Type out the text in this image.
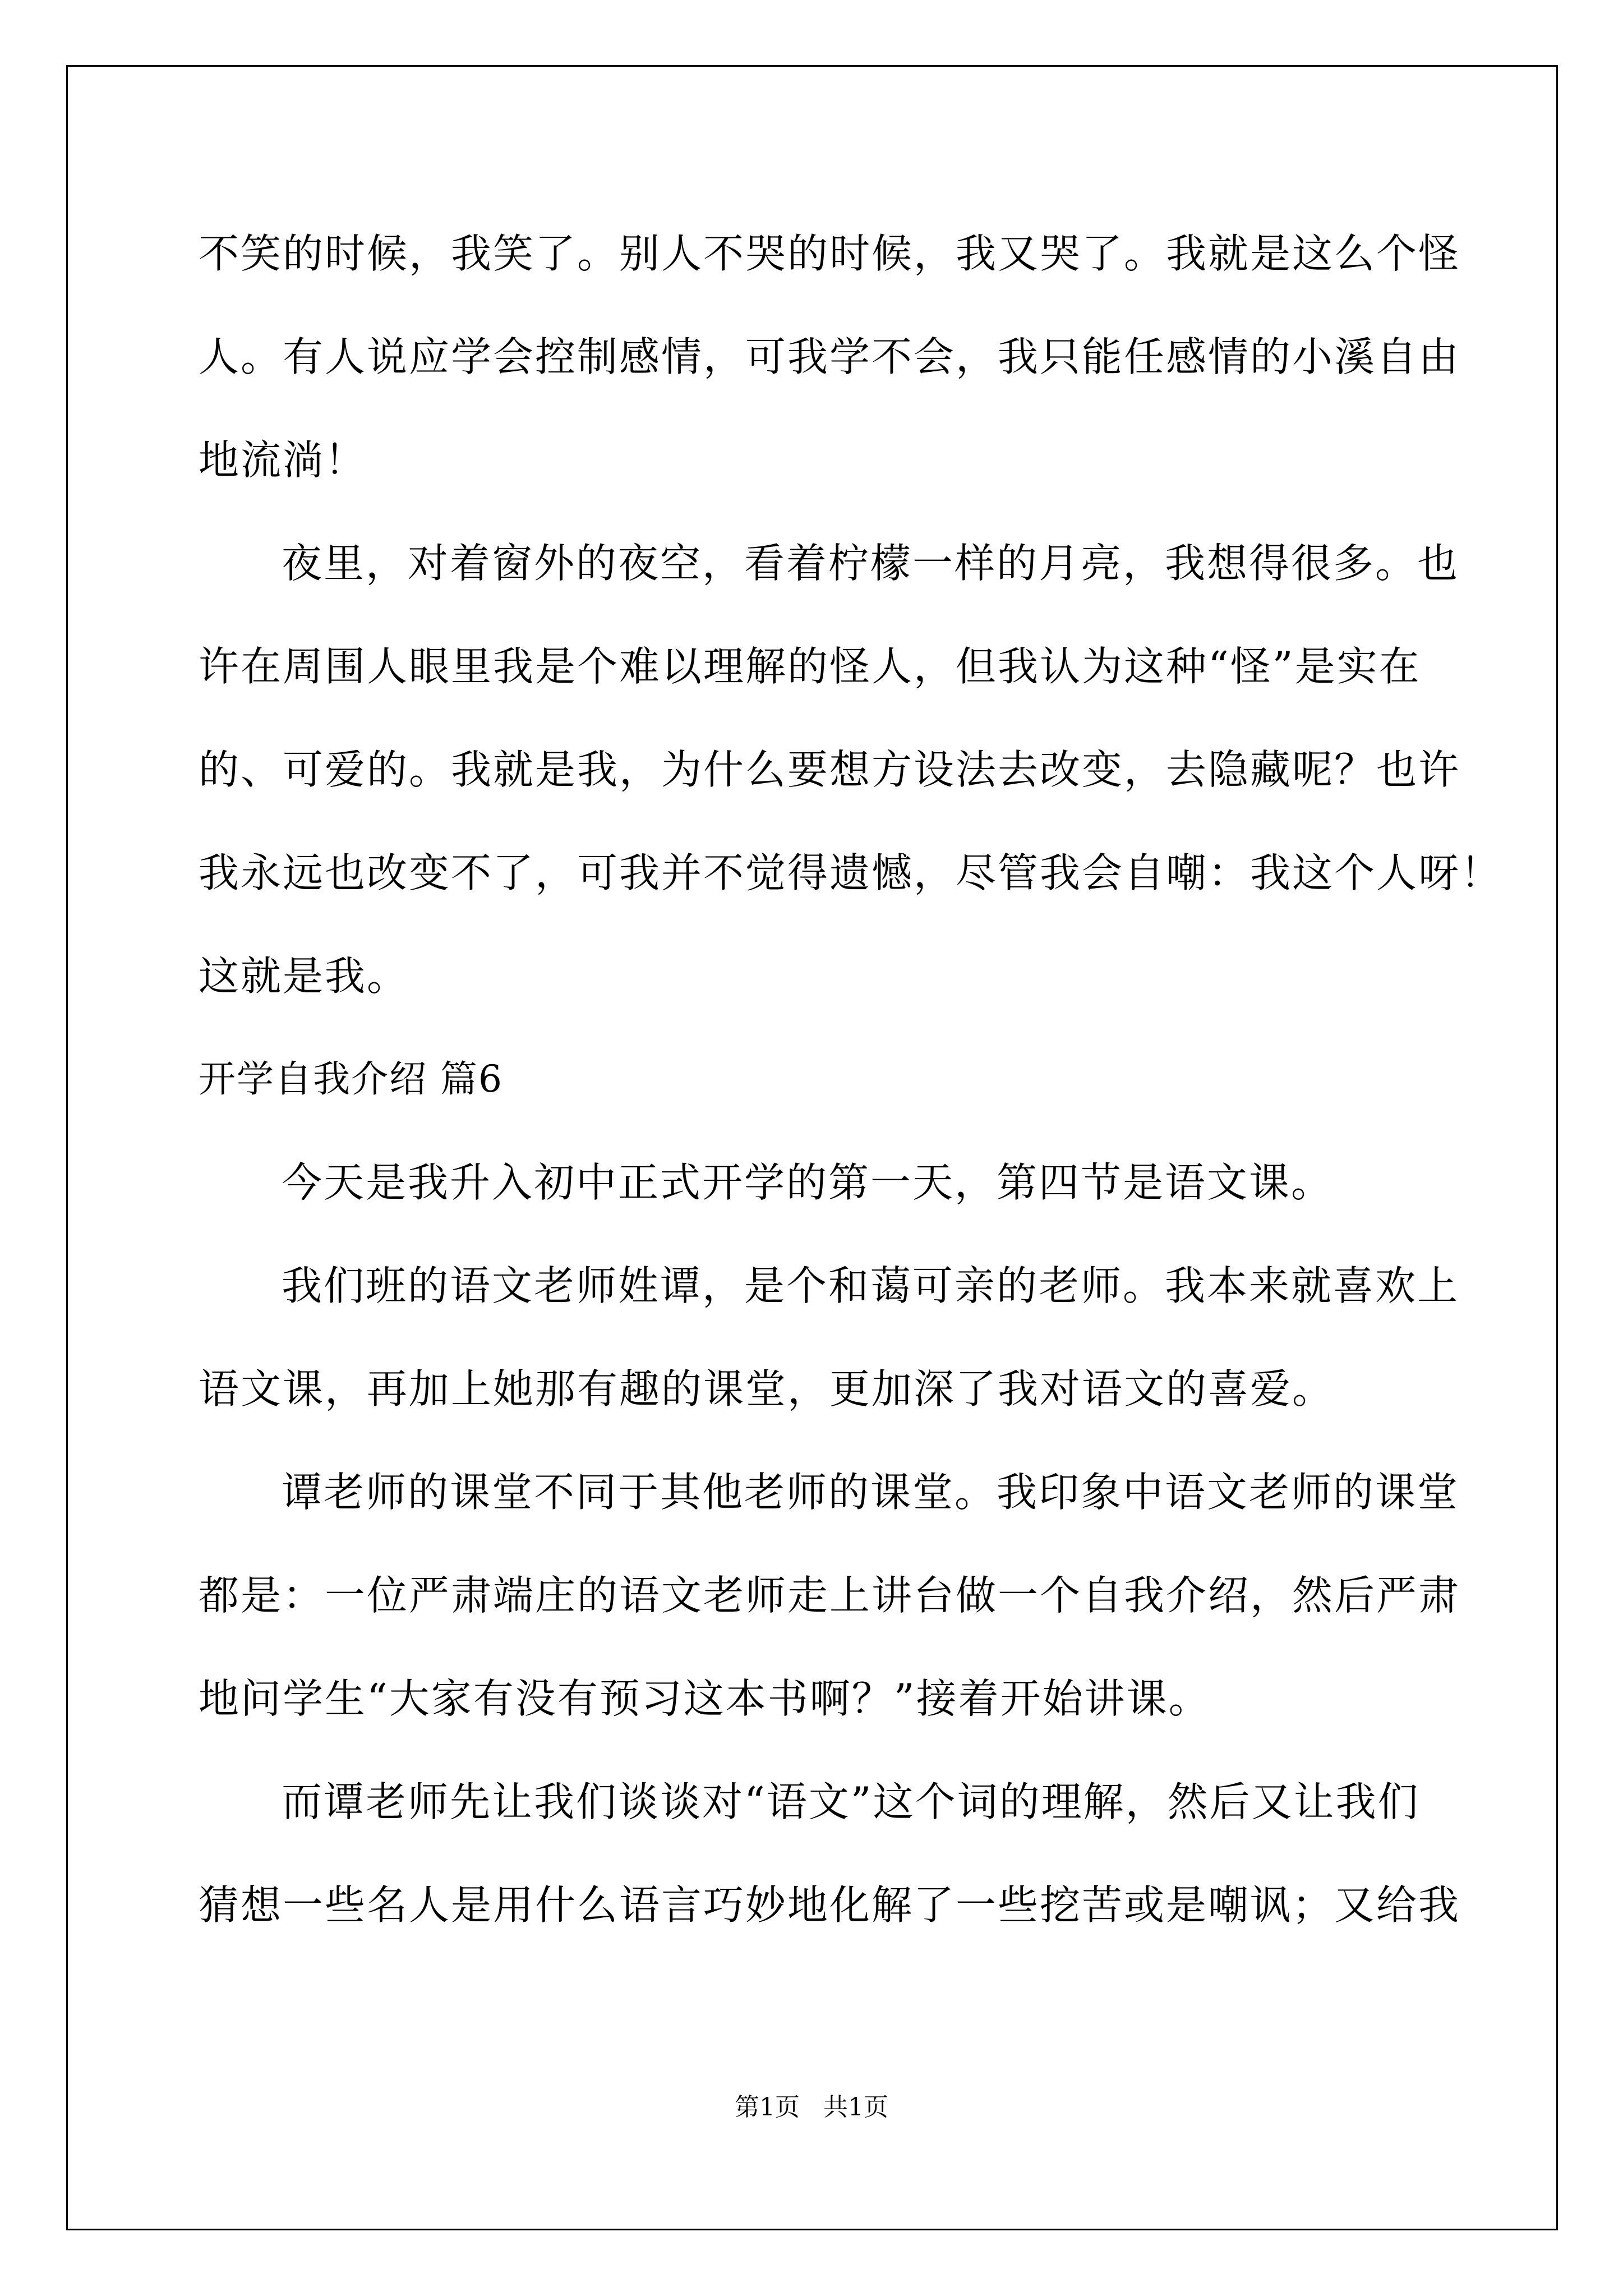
不笑的时候，我笑了。别人不哭的时候，我又哭了。我就是这么个怪
人。有人说应学会控制感情，可我学不会，我只能任感情的小溪自由
地流淌！
夜里，对着窗外的夜空，看着柠檬一样的月亮，我想得很多。也
许在周围人眼里我是个难以理解的怪人，但我认为这种“怪”是实在
的、可爱的。我就是我，为什么要想方设法去改变，去隐藏呢？也许
我永远也改变不了，可我并不觉得遗憾，尽管我会自嘲：我这个人呀！
这就是我。
开学自我介绍 篇6
今天是我升入初中正式开学的第一天，第四节是语文课。
我们班的语文老师姓谭，是个和蔼可亲的老师。我本来就喜欢上
语文课，再加上她那有趣的课堂，更加深了我对语文的喜爱。
谭老师的课堂不同于其他老师的课堂。我印象中语文老师的课堂
都是：一位严肃端庄的语文老师走上讲台做一个自我介绍，然后严肃
地问学生“大家有没有预习这本书啊？”接着开始讲课。
而谭老师先让我们谈谈对“语文”这个词的理解，然后又让我们
猜想一些名人是用什么语言巧妙地化解了一些挖苦或是嘲讽；又给我
第1页   共1页
